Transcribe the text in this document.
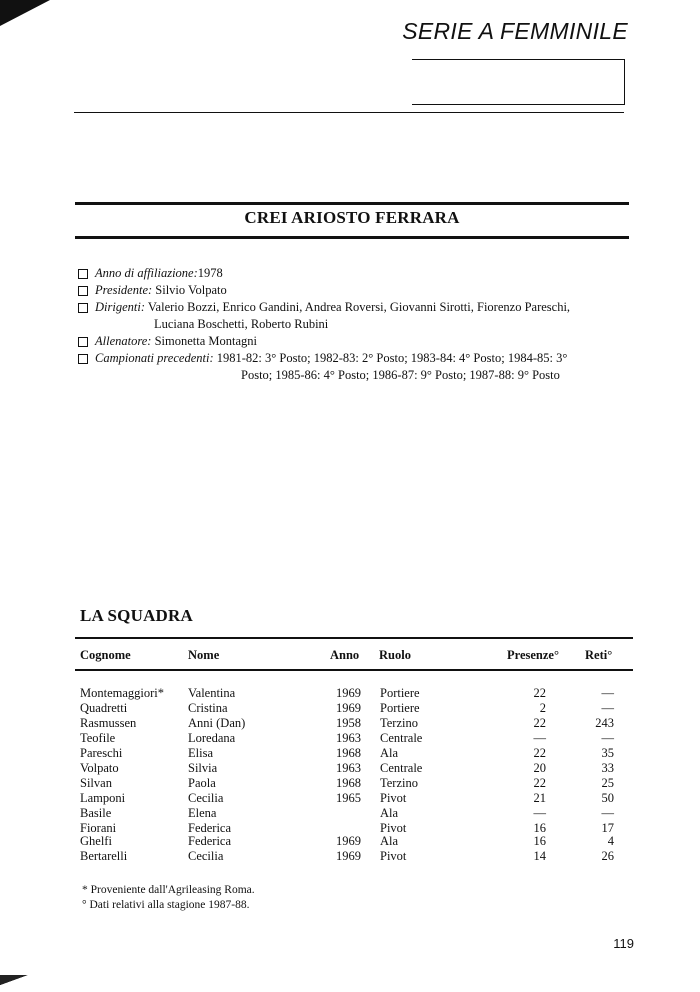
SERIE A FEMMINILE
CREI ARIOSTO FERRARA
Anno di affiliazione:1978
Presidente: Silvio Volpato
Dirigenti: Valerio Bozzi, Enrico Gandini, Andrea Roversi, Giovanni Sirotti, Fiorenzo Pareschi,
Luciana Boschetti, Roberto Rubini
Allenatore: Simonetta Montagni
Campionati precedenti: 1981-82: 3° Posto; 1982-83: 2° Posto; 1983-84: 4° Posto; 1984-85: 3°
Posto; 1985-86: 4° Posto; 1986-87: 9° Posto; 1987-88: 9° Posto
LA SQUADRA
Cognome	Nome	Anno Ruolo	Presenze° Reti°
Montemaggiori* Valentina	1969 Portiere	22	—
Quadretti	Cristina	1969 Portiere	2	—
Rasmussen	Anni (Dan)	1958 Terzino	22	243
Teofile	Loredana	1963 Centrale	—	—
Pareschi	Elisa	1968 Ala	22	35
Volpato	Silvia	1963 Centrale	20	33
Silvan	Paola	1968 Terzino	22	25
Lamponi	Cecilia	1965 Pivot	21	50
Basile	Elena	Ala	—	—
Fiorani	Federica	Pivot	16	17
Ghelfi	Federica	1969 Ala	16	4
Bertarelli	Cecilia	1969 Pivot	14	26
* Proveniente dall'Agrileasing Roma.
° Dati relativi alla stagione 1987-88.
119
